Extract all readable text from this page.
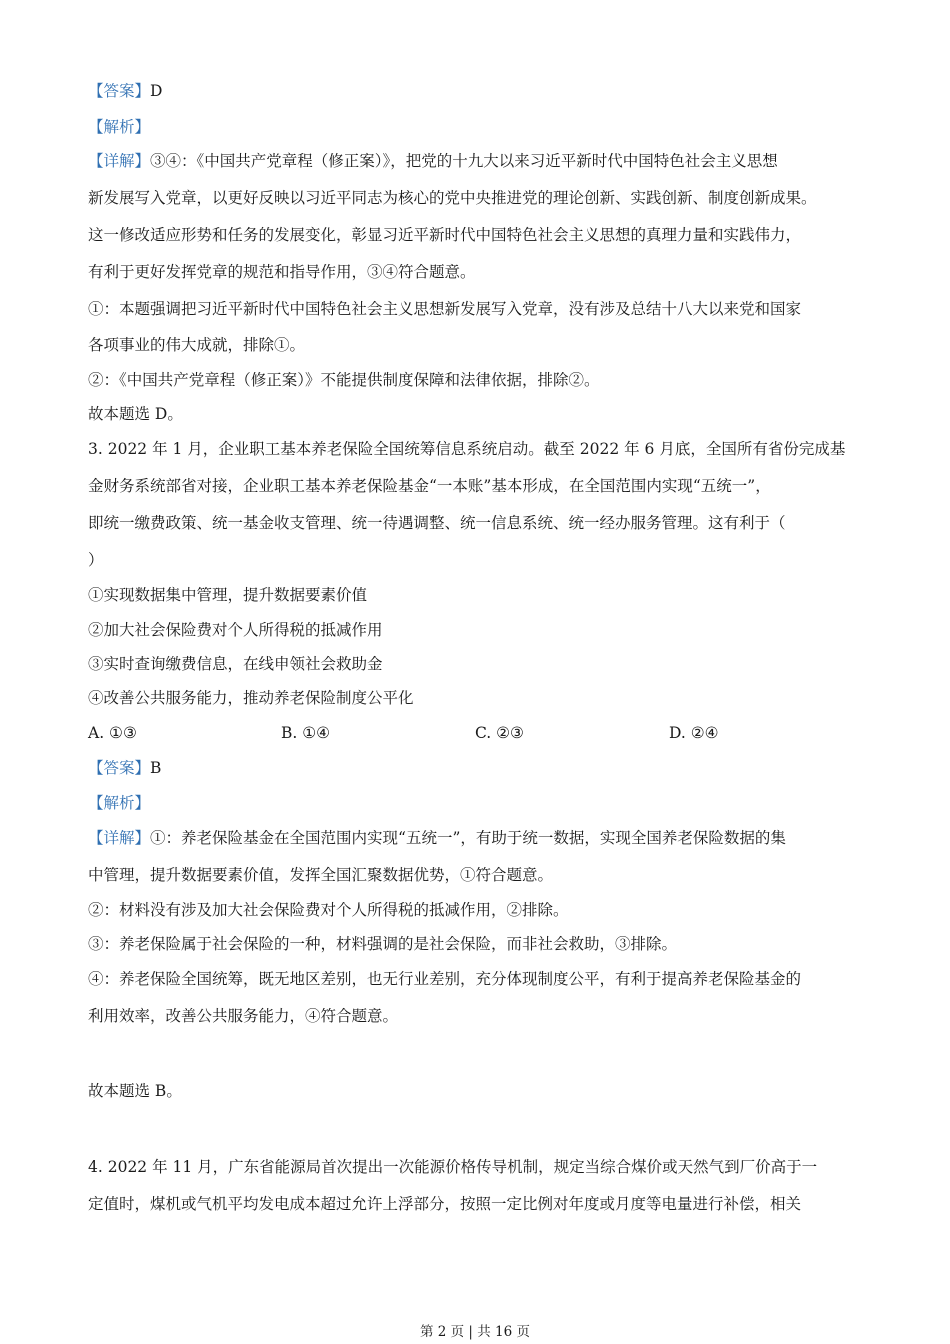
【答案】D
【解析】
【详解】③④：《中国共产党章程（修正案）》，把党的十九大以来习近平新时代中国特色社会主义思想
新发展写入党章，以更好反映以习近平同志为核心的党中央推进党的理论创新、实践创新、制度创新成果。
这一修改适应形势和任务的发展变化，彰显习近平新时代中国特色社会主义思想的真理力量和实践伟力，
有利于更好发挥党章的规范和指导作用，③④符合题意。
①：本题强调把习近平新时代中国特色社会主义思想新发展写入党章，没有涉及总结十八大以来党和国家
各项事业的伟大成就，排除①。
②：《中国共产党章程（修正案）》不能提供制度保障和法律依据，排除②。
故本题选 D。
3. 2022 年 1 月，企业职工基本养老保险全国统筹信息系统启动。截至 2022 年 6 月底，全国所有省份完成基
金财务系统部省对接，企业职工基本养老保险基金“一本账”基本形成，在全国范围内实现“五统一”，
即统一缴费政策、统一基金收支管理、统一待遇调整、统一信息系统、统一经办服务管理。这有利于（
）
①实现数据集中管理，提升数据要素价值
②加大社会保险费对个人所得税的抵减作用
③实时查询缴费信息，在线申领社会救助金
④改善公共服务能力，推动养老保险制度公平化
A. ①③	B. ①④	C. ②③	D. ②④
【答案】B
【解析】
【详解】①：养老保险基金在全国范围内实现“五统一”，有助于统一数据，实现全国养老保险数据的集
中管理，提升数据要素价值，发挥全国汇聚数据优势，①符合题意。
②：材料没有涉及加大社会保险费对个人所得税的抵减作用，②排除。
③：养老保险属于社会保险的一种，材料强调的是社会保险，而非社会救助，③排除。
④：养老保险全国统筹，既无地区差别，也无行业差别，充分体现制度公平，有利于提高养老保险基金的
利用效率，改善公共服务能力，④符合题意。
故本题选 B。
4. 2022 年 11 月，广东省能源局首次提出一次能源价格传导机制，规定当综合煤价或天然气到厂价高于一
定值时，煤机或气机平均发电成本超过允许上浮部分，按照一定比例对年度或月度等电量进行补偿，相关
第 2 页 | 共 16 页
